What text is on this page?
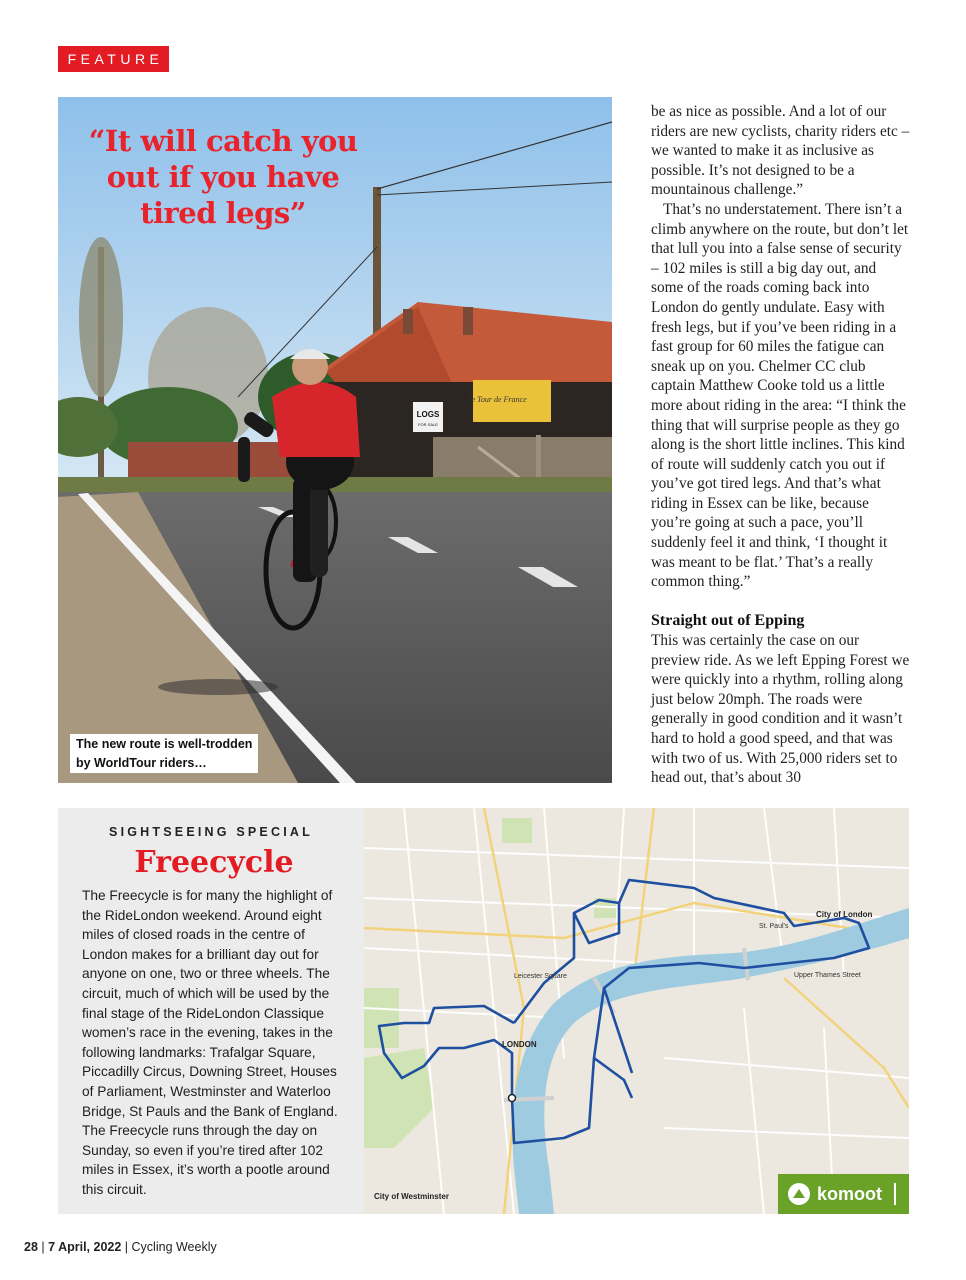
FEATURE
LOGS
FOR SALE
le Tour de France
“It will catch you out if you have tired legs”
The new route is well-trodden
by WorldTour riders…

be as nice as possible. And a lot of our riders are new cyclists, charity riders etc – we wanted to make it as inclusive as possible. It’s not designed to be a mountainous challenge.”

That’s no understatement. There isn’t a climb anywhere on the route, but don’t let that lull you into a false sense of security – 102 miles is still a big day out, and some of the roads coming back into London do gently undulate. Easy with fresh legs, but if you’ve been riding in a fast group for 60 miles the fatigue can sneak up on you. Chelmer CC club captain Matthew Cooke told us a little more about riding in the area: “I think the thing that will surprise people as they go along is the short little inclines. This kind of route will suddenly catch you out if you’ve got tired legs. And that’s what riding in Essex can be like, because you’re going at such a pace, you’ll suddenly feel it and think, ‘I thought it was meant to be flat.’ That’s a really common thing.”

Straight out of Epping

This was certainly the case on our preview ride. As we left Epping Forest we were quickly into a rhythm, rolling along just below 20mph. The roads were generally in good condition and it wasn’t hard to hold a good speed, and that was with two of us. With 25,000 riders set to head out, that’s about 30

SIGHTSEEING SPECIAL
Freecycle
The Freecycle is for many the highlight of the RideLondon weekend. Around eight miles of closed roads in the centre of London makes for a brilliant day out for anyone on one, two or three wheels. The circuit, much of which will be used by the final stage of the RideLondon Classique women’s race in the evening, takes in the following landmarks: Trafalgar Square, Piccadilly Circus, Downing Street, Houses of Parliament, Westminster and Waterloo Bridge, St Pauls and the Bank of England. The Freecycle runs through the day on Sunday, so even if you’re tired after 102 miles in Essex, it’s worth a pootle around this circuit.
City of London
City of Westminster
LONDON
St. Paul's
Leicester Square	Upper Thames Street
komoot
28 | 7 April, 2022 | Cycling Weekly
